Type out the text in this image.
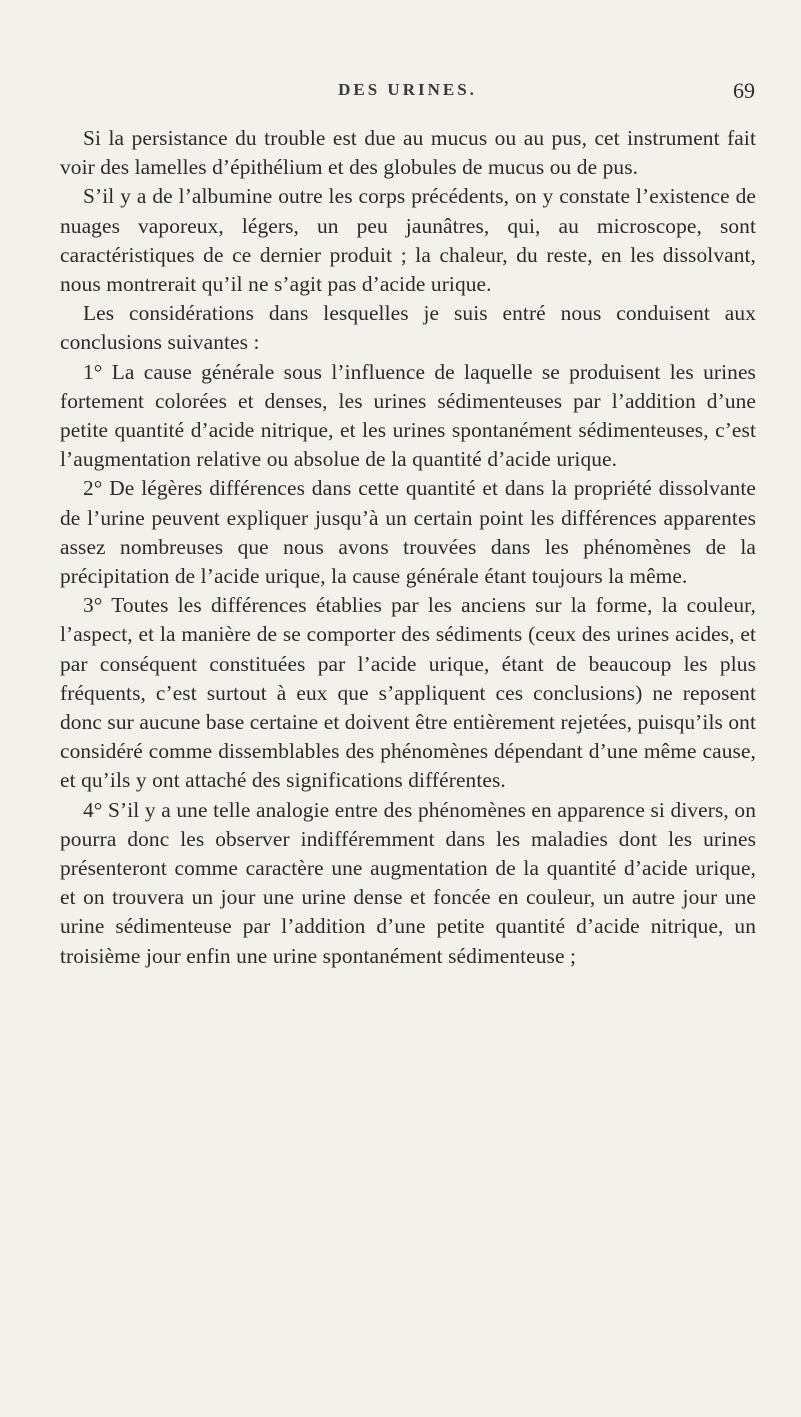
DES URINES.	69

Si la persistance du trouble est due au mucus ou au pus, cet instrument fait voir des lamelles d’épithélium et des globules de mucus ou de pus.

S’il y a de l’albumine outre les corps précédents, on y constate l’existence de nuages vaporeux, légers, un peu jaunâtres, qui, au microscope, sont caractéristiques de ce dernier produit ; la chaleur, du reste, en les dissolvant, nous montrerait qu’il ne s’agit pas d’acide urique.

Les considérations dans lesquelles je suis entré nous conduisent aux conclusions suivantes :

1° La cause générale sous l’influence de laquelle se produisent les urines fortement colorées et denses, les urines sédimenteuses par l’addition d’une petite quantité d’acide nitrique, et les urines spontanément sédimenteuses, c’est l’augmentation relative ou absolue de la quantité d’acide urique.

2° De légères différences dans cette quantité et dans la propriété dissolvante de l’urine peuvent expliquer jusqu’à un certain point les différences apparentes assez nombreuses que nous avons trouvées dans les phénomènes de la précipitation de l’acide urique, la cause générale étant toujours la même.

3° Toutes les différences établies par les anciens sur la forme, la couleur, l’aspect, et la manière de se comporter des sédiments (ceux des urines acides, et par conséquent constituées par l’acide urique, étant de beaucoup les plus fréquents, c’est surtout à eux que s’appliquent ces conclusions) ne reposent donc sur aucune base certaine et doivent être entièrement rejetées, puisqu’ils ont considéré comme dissemblables des phénomènes dépendant d’une même cause, et qu’ils y ont attaché des significations différentes.

4° S’il y a une telle analogie entre des phénomènes en apparence si divers, on pourra donc les observer indifféremment dans les maladies dont les urines présenteront comme caractère une augmentation de la quantité d’acide urique, et on trouvera un jour une urine dense et foncée en couleur, un autre jour une urine sédimenteuse par l’addition d’une petite quantité d’acide nitrique, un troisième jour enfin une urine spontanément sédimenteuse ;
